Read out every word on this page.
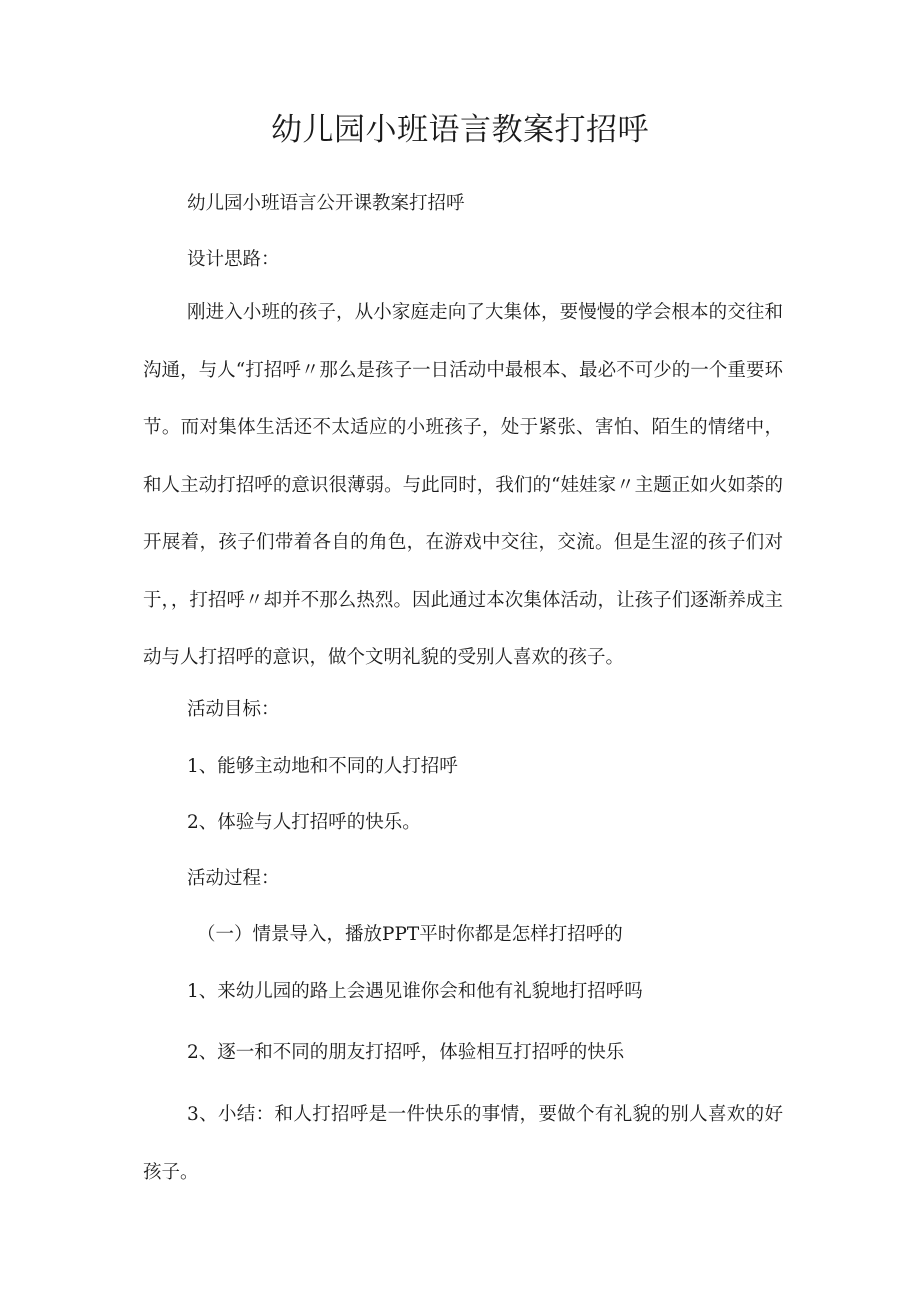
幼儿园小班语言教案打招呼
幼儿园小班语言公开课教案打招呼
设计思路：

刚进入小班的孩子，从小家庭走向了大集体，要慢慢的学会根本的交往和沟通，与人“打招呼〃那么是孩子一日活动中最根本、最必不可少的一个重要环节。而对集体生活还不太适应的小班孩子，处于紧张、害怕、陌生的情绪中，和人主动打招呼的意识很薄弱。与此同时，我们的“娃娃家〃主题正如火如荼的开展着，孩子们带着各自的角色，在游戏中交往，交流。但是生涩的孩子们对于，，打招呼〃却并不那么热烈。因此通过本次集体活动，让孩子们逐渐养成主动与人打招呼的意识，做个文明礼貌的受别人喜欢的孩子。

活动目标：
1、能够主动地和不同的人打招呼
2、体验与人打招呼的快乐。
活动过程：
（一）情景导入，播放PPT平时你都是怎样打招呼的
1、来幼儿园的路上会遇见谁你会和他有礼貌地打招呼吗
2、逐一和不同的朋友打招呼，体验相互打招呼的快乐

3、小结：和人打招呼是一件快乐的事情，要做个有礼貌的别人喜欢的好孩子。
